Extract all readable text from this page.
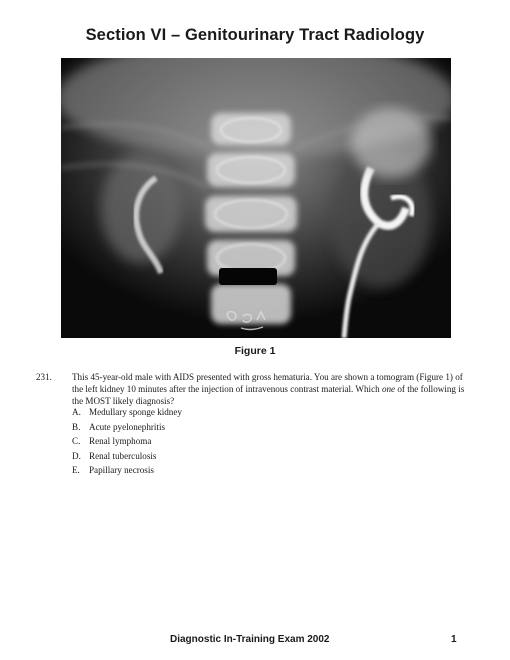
Section VI – Genitourinary Tract Radiology
Figure 1
231. This 45-year-old male with AIDS presented with gross hematuria. You are shown a tomogram (Figure 1) of the left kidney 10 minutes after the injection of intravenous contrast material. Which one of the following is the MOST likely diagnosis?
A. Medullary sponge kidney
B. Acute pyelonephritis
C. Renal lymphoma
D. Renal tuberculosis
E. Papillary necrosis
Diagnostic In-Training Exam 2002	1
